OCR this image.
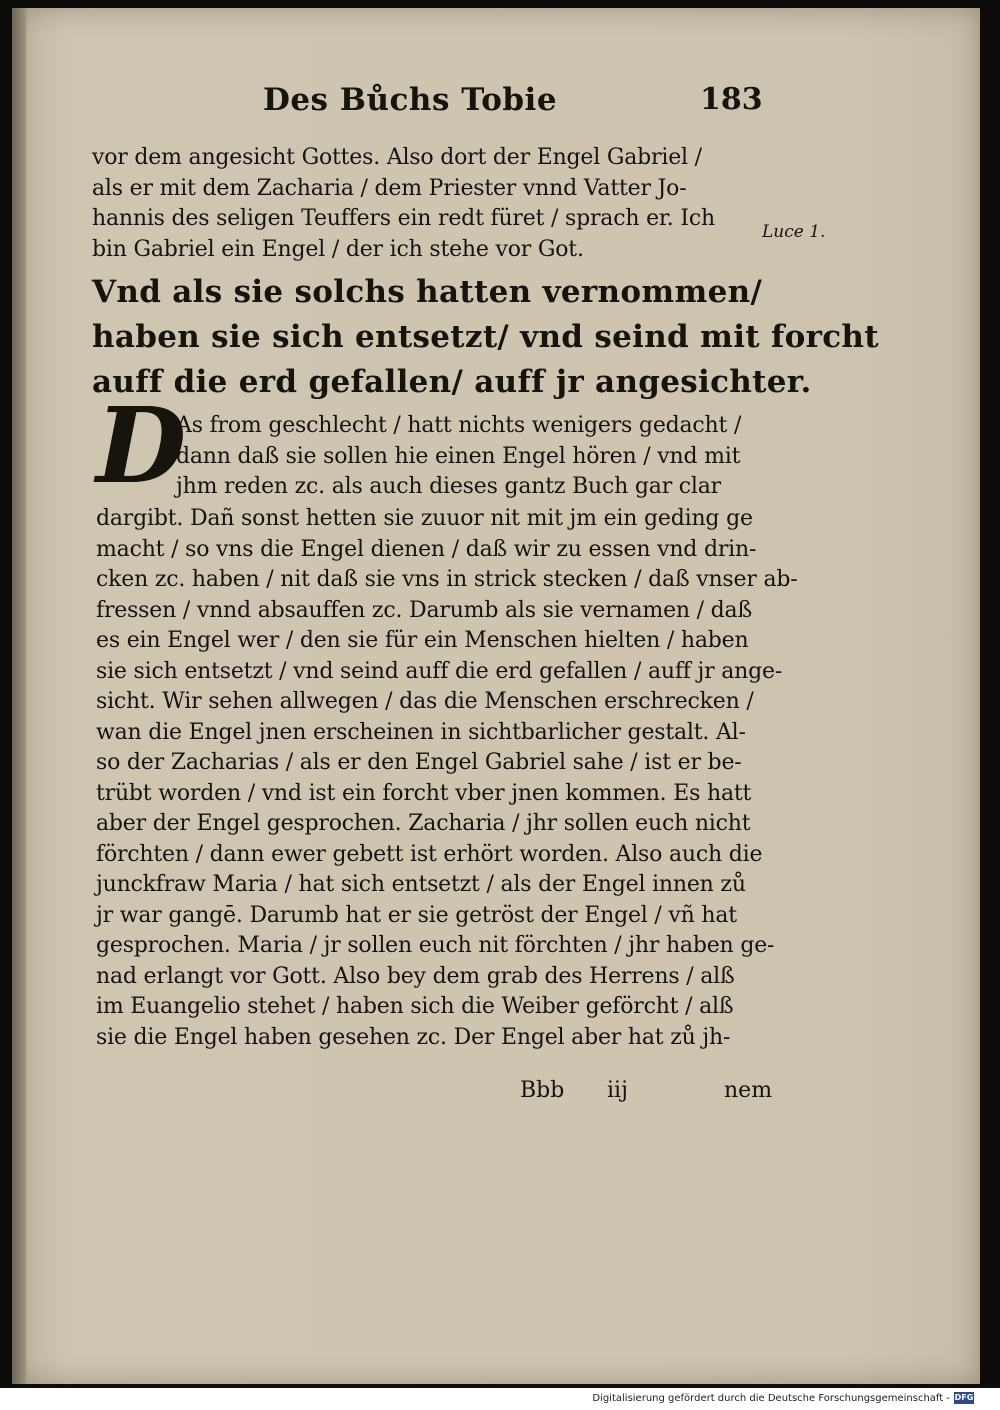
Des Bůchs Tobie	183
vor dem angesicht Gottes. Also dort der Engel Gabriel /
als er mit dem Zacharia / dem Priester vnnd Vatter Jo-
hannis des seligen Teuffers ein redt füret / sprach er. Ich
bin Gabriel ein Engel / der ich stehe vor Got.
Luce 1.
Vnd als sie solchs hatten vernommen/
haben sie sich entsetzt/ vnd seind mit forcht
auff die erd gefallen/ auff jr angesichter.
D
As from geschlecht / hatt nichts wenigers gedacht /
dann daß sie sollen hie einen Engel hören / vnd mit
jhm reden zc. als auch dieses gantz Buch gar clar
dargibt. Dañ sonst hetten sie zuuor nit mit jm ein geding ge
macht / so vns die Engel dienen / daß wir zu essen vnd drin-
cken zc. haben / nit daß sie vns in strick stecken / daß vnser ab-
fressen / vnnd absauffen zc. Darumb als sie vernamen / daß
es ein Engel wer / den sie für ein Menschen hielten / haben
sie sich entsetzt / vnd seind auff die erd gefallen / auff jr ange-
sicht. Wir sehen allwegen / das die Menschen erschrecken /
wan die Engel jnen erscheinen in sichtbarlicher gestalt. Al-
so der Zacharias / als er den Engel Gabriel sahe / ist er be-
trübt worden / vnd ist ein forcht vber jnen kommen. Es hatt
aber der Engel gesprochen. Zacharia / jhr sollen euch nicht
förchten / dann ewer gebett ist erhört worden. Also auch die
junckfraw Maria / hat sich entsetzt / als der Engel innen zů
jr war gangē. Darumb hat er sie getröst der Engel / vñ hat
gesprochen. Maria / jr sollen euch nit förchten / jhr haben ge-
nad erlangt vor Gott. Also bey dem grab des Herrens / alß
im Euangelio stehet / haben sich die Weiber geförcht / alß
sie die Engel haben gesehen zc. Der Engel aber hat zů jh-
Bbb iij	nem
Digitalisierung gefördert durch die Deutsche Forschungsgemeinschaft - DFG
